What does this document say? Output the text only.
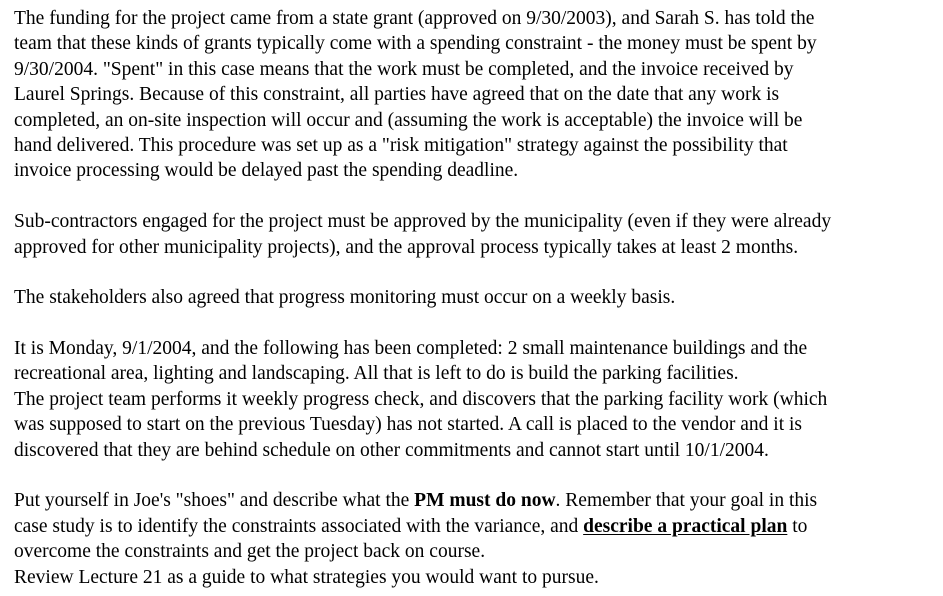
The funding for the project came from a state grant (approved on 9/30/2003), and Sarah S. has told the
team that these kinds of grants typically come with a spending constraint - the money must be spent by
9/30/2004. "Spent" in this case means that the work must be completed, and the invoice received by
Laurel Springs. Because of this constraint, all parties have agreed that on the date that any work is
completed, an on-site inspection will occur and (assuming the work is acceptable) the invoice will be
hand delivered. This procedure was set up as a "risk mitigation" strategy against the possibility that
invoice processing would be delayed past the spending deadline.
Sub-contractors engaged for the project must be approved by the municipality (even if they were already
approved for other municipality projects), and the approval process typically takes at least 2 months.
The stakeholders also agreed that progress monitoring must occur on a weekly basis.
It is Monday, 9/1/2004, and the following has been completed: 2 small maintenance buildings and the
recreational area, lighting and landscaping. All that is left to do is build the parking facilities.
The project team performs it weekly progress check, and discovers that the parking facility work (which
was supposed to start on the previous Tuesday) has not started. A call is placed to the vendor and it is
discovered that they are behind schedule on other commitments and cannot start until 10/1/2004.
Put yourself in Joe's "shoes" and describe what the PM must do now. Remember that your goal in this
case study is to identify the constraints associated with the variance, and describe a practical plan to
overcome the constraints and get the project back on course.
Review Lecture 21 as a guide to what strategies you would want to pursue.
